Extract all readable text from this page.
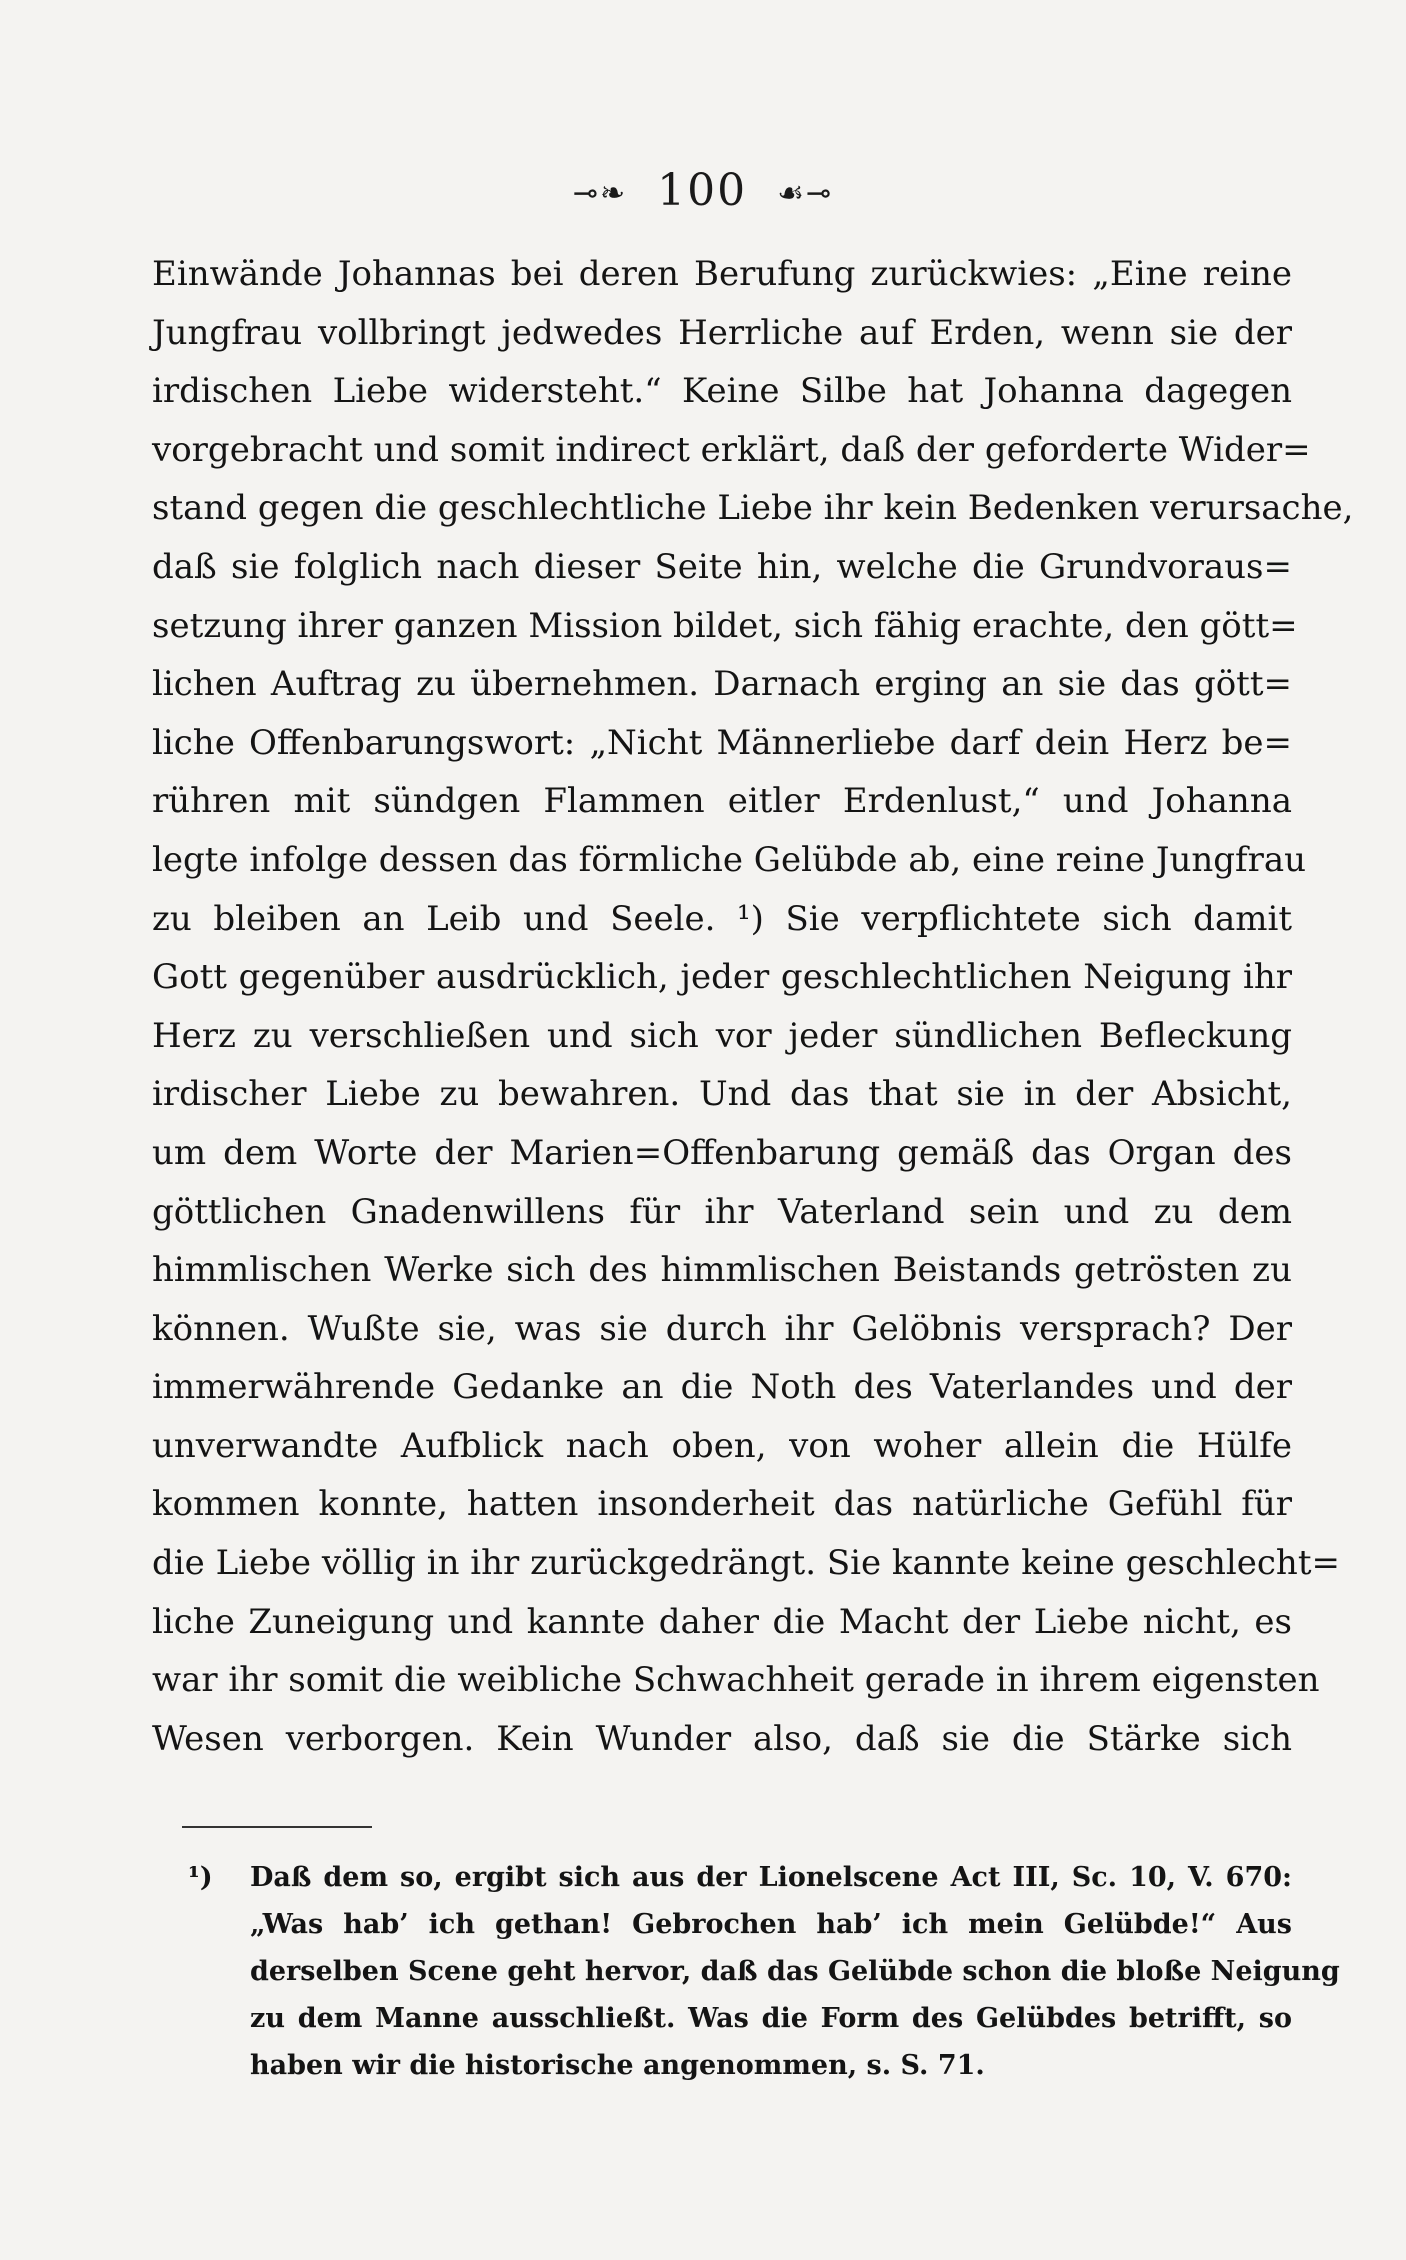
⊸❧ 100 ☙⊸
Einwände Johannas bei deren Berufung zurückwies: „Eine reine
Jungfrau vollbringt jedwedes Herrliche auf Erden, wenn sie der
irdischen Liebe widersteht.“ Keine Silbe hat Johanna dagegen
vorgebracht und somit indirect erklärt, daß der geforderte Wider=
stand gegen die geschlechtliche Liebe ihr kein Bedenken verursache,
daß sie folglich nach dieser Seite hin, welche die Grundvoraus=
setzung ihrer ganzen Mission bildet, sich fähig erachte, den gött=
lichen Auftrag zu übernehmen. Darnach erging an sie das gött=
liche Offenbarungswort: „Nicht Männerliebe darf dein Herz be=
rühren mit sündgen Flammen eitler Erdenlust,“ und Johanna
legte infolge dessen das förmliche Gelübde ab, eine reine Jungfrau
zu bleiben an Leib und Seele. ¹) Sie verpflichtete sich damit
Gott gegenüber ausdrücklich, jeder geschlechtlichen Neigung ihr
Herz zu verschließen und sich vor jeder sündlichen Befleckung
irdischer Liebe zu bewahren. Und das that sie in der Absicht,
um dem Worte der Marien=Offenbarung gemäß das Organ des
göttlichen Gnadenwillens für ihr Vaterland sein und zu dem
himmlischen Werke sich des himmlischen Beistands getrösten zu
können. Wußte sie, was sie durch ihr Gelöbnis versprach? Der
immerwährende Gedanke an die Noth des Vaterlandes und der
unverwandte Aufblick nach oben, von woher allein die Hülfe
kommen konnte, hatten insonderheit das natürliche Gefühl für
die Liebe völlig in ihr zurückgedrängt. Sie kannte keine geschlecht=
liche Zuneigung und kannte daher die Macht der Liebe nicht, es
war ihr somit die weibliche Schwachheit gerade in ihrem eigensten
Wesen verborgen. Kein Wunder also, daß sie die Stärke sich
¹)	Daß dem so, ergibt sich aus der Lionelscene Act III, Sc. 10, V. 670:
„Was hab’ ich gethan! Gebrochen hab’ ich mein Gelübde!“ Aus
derselben Scene geht hervor, daß das Gelübde schon die bloße Neigung
zu dem Manne ausschließt. Was die Form des Gelübdes betrifft, so
haben wir die historische angenommen, s. S. 71.
